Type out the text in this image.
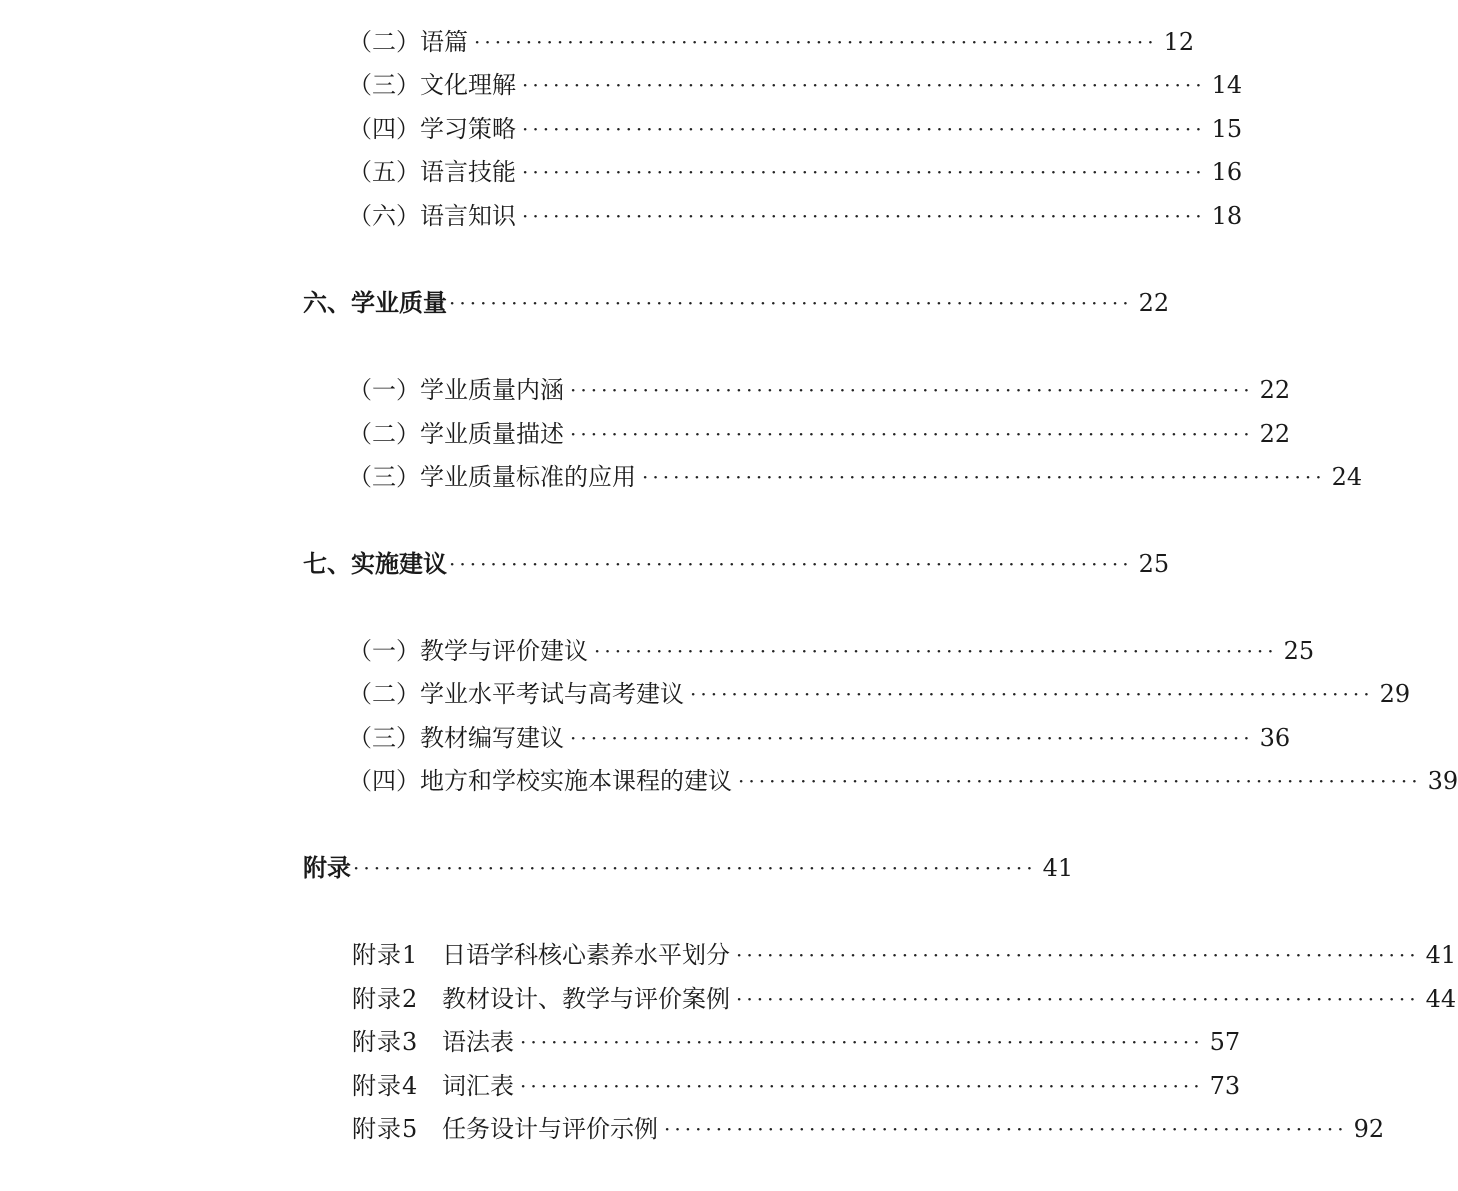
（二）语篇 ·································································· 12
（三）文化理解 ·································································· 14
（四）学习策略 ·································································· 15
（五）语言技能 ·································································· 16
（六）语言知识 ·································································· 18
六、学业质量 ·································································· 22
（一）学业质量内涵 ·································································· 22
（二）学业质量描述 ·································································· 22
（三）学业质量标准的应用 ·································································· 24
七、实施建议 ·································································· 25
（一）教学与评价建议 ·································································· 25
（二）学业水平考试与高考建议 ·································································· 29
（三）教材编写建议 ·································································· 36
（四）地方和学校实施本课程的建议 ·································································· 39
附录 ·································································· 41
附录1 日语学科核心素养水平划分 ·································································· 41
附录2 教材设计、教学与评价案例 ·································································· 44
附录3 语法表 ·································································· 57
附录4 词汇表 ·································································· 73
附录5 任务设计与评价示例 ·································································· 92
